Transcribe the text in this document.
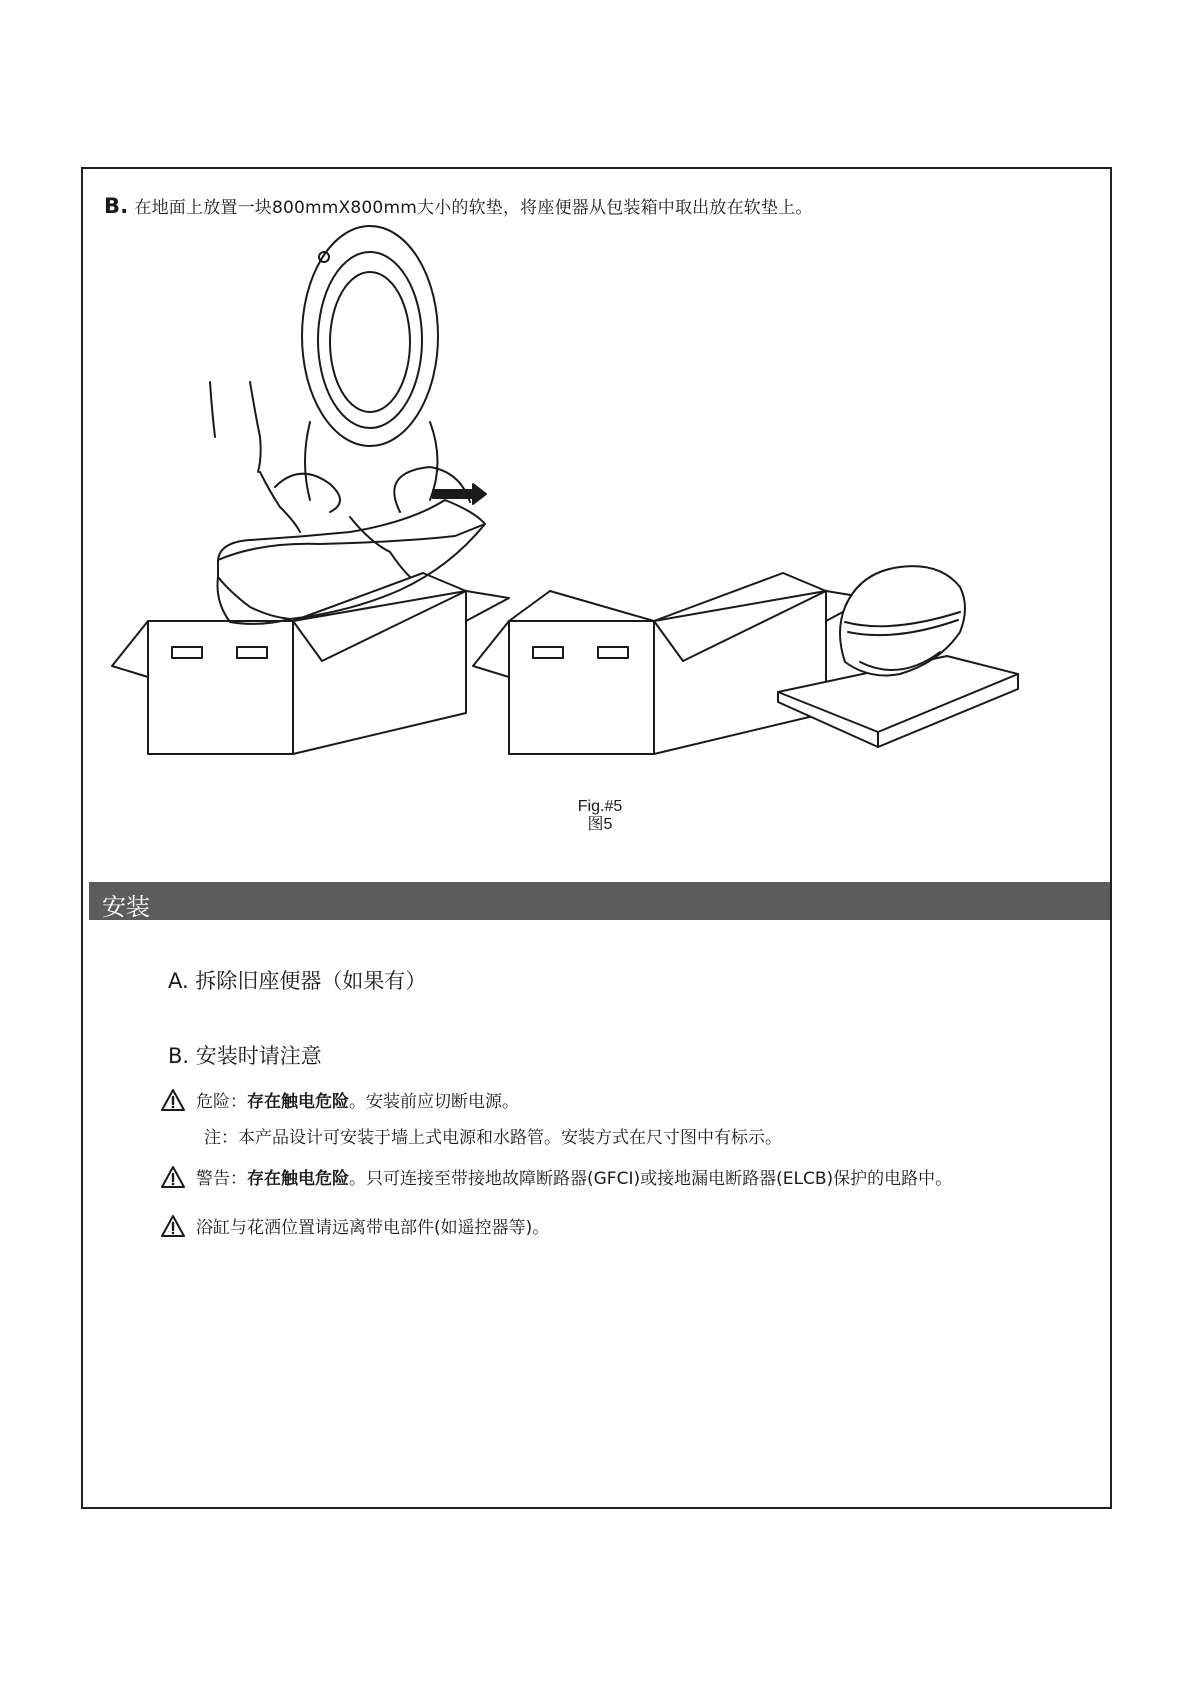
B. 在地面上放置一块800mmX800mm大小的软垫，将座便器从包装箱中取出放在软垫上。
Fig.#5
图5
安装
A. 拆除旧座便器（如果有）
B. 安装时请注意
危险： 存在触电危险 。安装前应切断电源。
注：本产品设计可安装于墙上式电源和水路管。安装方式在尺寸图中有标示。
警告： 存在触电危险 。只可连接至带接地故障断路器(GFCI)或接地漏电断路器(ELCB)保护的电路中。
浴缸与花洒位置请远离带电部件(如遥控器等)。
